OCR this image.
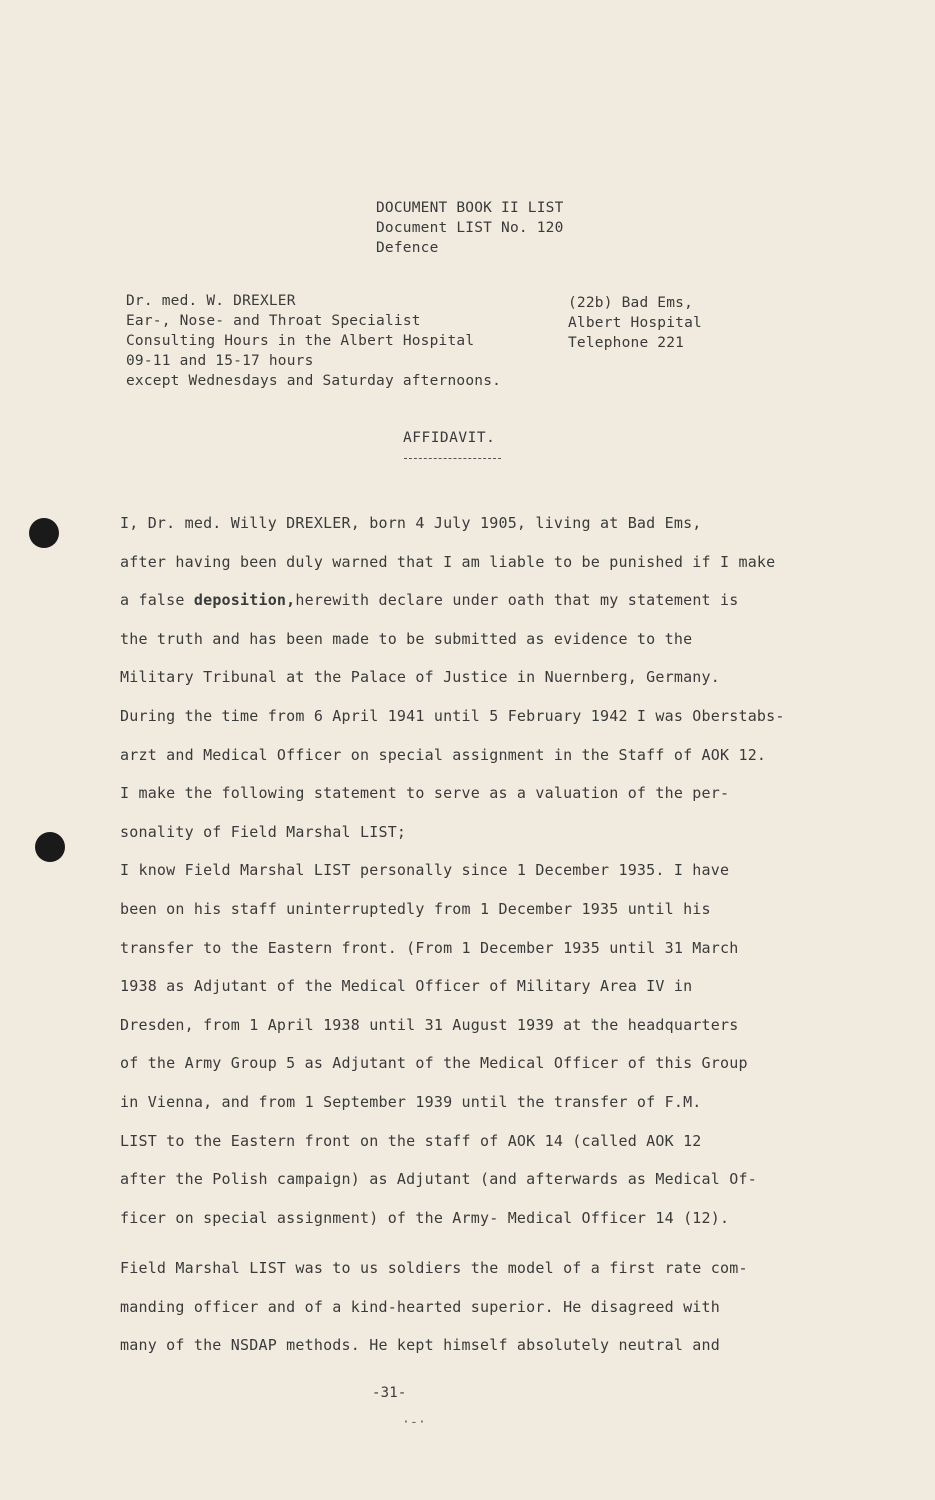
DOCUMENT BOOK II LIST
Document LIST No. 120
Defence
Dr. med. W. DREXLER
Ear-, Nose- and Throat Specialist
Consulting Hours in the Albert Hospital
09-11 and 15-17 hours
except Wednesdays and Saturday afternoons.
(22b) Bad Ems,
Albert Hospital
Telephone 221
AFFIDAVIT.
I, Dr. med. Willy DREXLER, born 4 July 1905, living at Bad Ems,
after having been duly warned that I am liable to be punished if I make
a false deposition,herewith declare under oath that my statement is
the truth and has been made to be submitted as evidence to the
Military Tribunal at the Palace of Justice in Nuernberg, Germany.
During the time from 6 April 1941 until 5 February 1942 I was Oberstabs-
arzt and Medical Officer on special assignment in the Staff of AOK 12.
I make the following statement to serve as a valuation of the per-
sonality of Field Marshal LIST;
I know Field Marshal LIST personally since 1 December 1935. I have
been on his staff uninterruptedly from 1 December 1935 until his
transfer to the Eastern front. (From 1 December 1935 until 31 March
1938 as Adjutant of the Medical Officer of Military Area IV in
Dresden, from 1 April 1938 until 31 August 1939 at the headquarters
of the Army Group 5 as Adjutant of the Medical Officer of this Group
in Vienna, and from 1 September 1939 until the transfer of F.M.
LIST to the Eastern front on the staff of AOK 14 (called AOK 12
after the Polish campaign) as Adjutant (and afterwards as Medical Of-
ficer on special assignment) of the Army- Medical Officer 14 (12).
Field Marshal LIST was to us soldiers the model of a first rate com-
manding officer and of a kind-hearted superior. He disagreed with
many of the NSDAP methods. He kept himself absolutely neutral and
-31-
·-·
